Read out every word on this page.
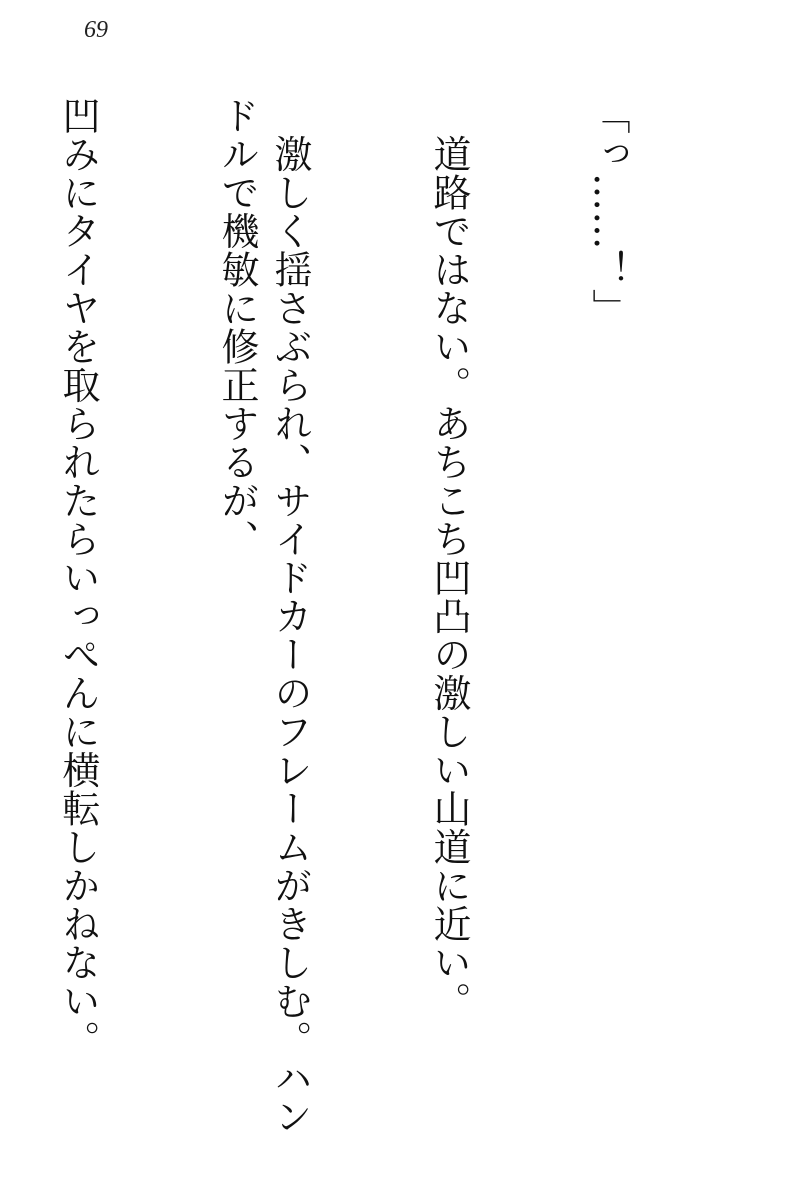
69

「っ……！」

　道路ではない。あちこち凹凸の激しい山道に近い。

　激しく揺さぶられ、サイドカーのフレームがきしむ。ハンドルで機敏に修正するが、

凹みにタイヤを取られたらいっぺんに横転しかねない。
